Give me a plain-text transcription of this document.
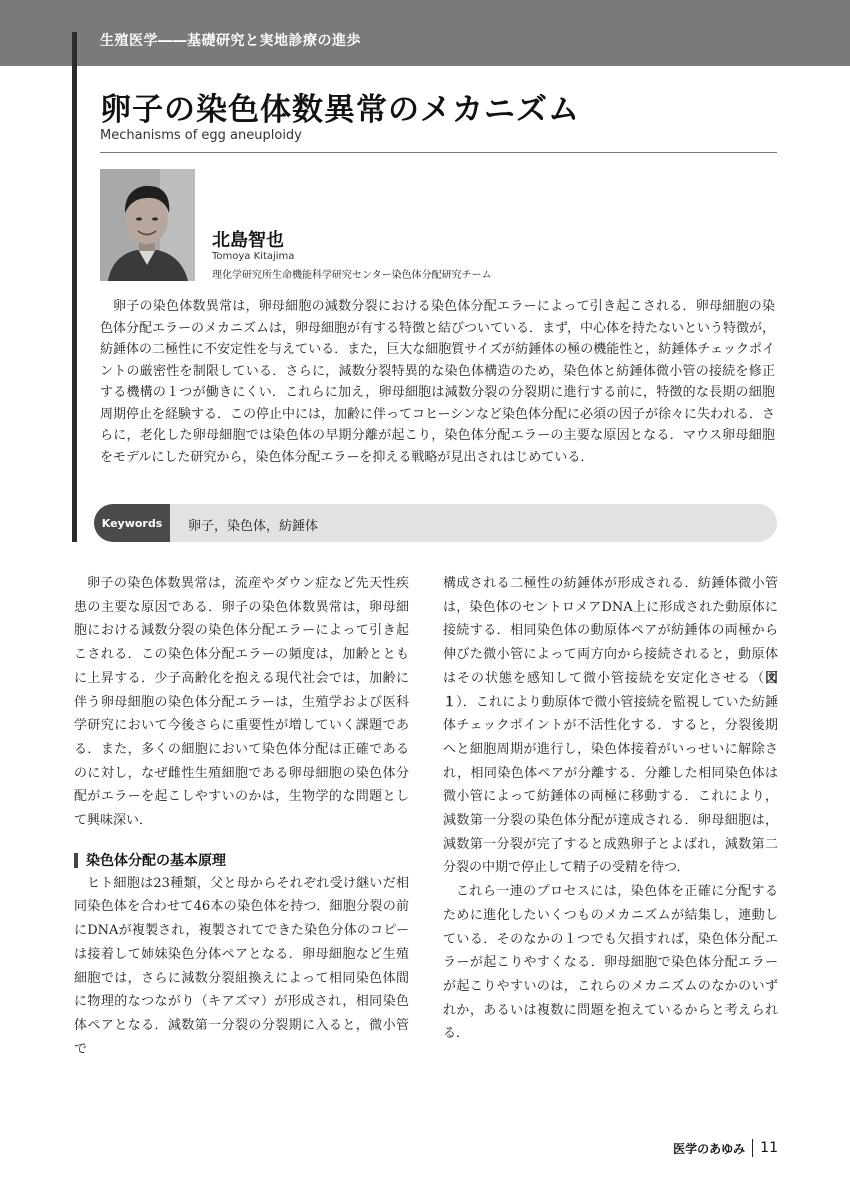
生殖医学――基礎研究と実地診療の進歩
卵子の染色体数異常のメカニズム
Mechanisms of egg aneuploidy
北島智也
Tomoya Kitajima
理化学研究所生命機能科学研究センター染色体分配研究チーム

卵子の染色体数異常は，卵母細胞の減数分裂における染色体分配エラーによって引き起こされる．卵母細胞の染色体分配エラーのメカニズムは，卵母細胞が有する特徴と結びついている．まず，中心体を持たないという特徴が，紡錘体の二極性に不安定性を与えている．また，巨大な細胞質サイズが紡錘体の極の機能性と，紡錘体チェックポイントの厳密性を制限している．さらに，減数分裂特異的な染色体構造のため，染色体と紡錘体微小管の接続を修正する機構の１つが働きにくい．これらに加え，卵母細胞は減数分裂の分裂期に進行する前に，特徴的な長期の細胞周期停止を経験する．この停止中には，加齢に伴ってコヒーシンなど染色体分配に必須の因子が徐々に失われる．さらに，老化した卵母細胞では染色体の早期分離が起こり，染色体分配エラーの主要な原因となる．マウス卵母細胞をモデルにした研究から，染色体分配エラーを抑える戦略が見出されはじめている．

Keywords	卵子，染色体，紡錘体

卵子の染色体数異常は，流産やダウン症など先天性疾患の主要な原因である．卵子の染色体数異常は，卵母細胞における減数分裂の染色体分配エラーによって引き起こされる．この染色体分配エラーの頻度は，加齢とともに上昇する．少子高齢化を抱える現代社会では，加齢に伴う卵母細胞の染色体分配エラーは，生殖学および医科学研究において今後さらに重要性が増していく課題である．また，多くの細胞において染色体分配は正確であるのに対し，なぜ雌性生殖細胞である卵母細胞の染色体分配がエラーを起こしやすいのかは，生物学的な問題として興味深い．

染色体分配の基本原理

ヒト細胞は23種類，父と母からそれぞれ受け継いだ相同染色体を合わせて46本の染色体を持つ．細胞分裂の前にDNAが複製され，複製されてできた染色分体のコピーは接着して姉妹染色分体ペアとなる．卵母細胞など生殖細胞では，さらに減数分裂組換えによって相同染色体間に物理的なつながり（キアズマ）が形成され，相同染色体ペアとなる．減数第一分裂の分裂期に入ると，微小管で

構成される二極性の紡錘体が形成される．紡錘体微小管は，染色体のセントロメアDNA上に形成された動原体に接続する．相同染色体の動原体ペアが紡錘体の両極から伸びた微小管によって両方向から接続されると，動原体はその状態を感知して微小管接続を安定化させる（図１）．これにより動原体で微小管接続を監視していた紡錘体チェックポイントが不活性化する．すると，分裂後期へと細胞周期が進行し，染色体接着がいっせいに解除され，相同染色体ペアが分離する．分離した相同染色体は微小管によって紡錘体の両極に移動する．これにより，減数第一分裂の染色体分配が達成される．卵母細胞は，減数第一分裂が完了すると成熟卵子とよばれ，減数第二分裂の中期で停止して精子の受精を待つ．

これら一連のプロセスには，染色体を正確に分配するために進化したいくつものメカニズムが結集し，連動している．そのなかの１つでも欠損すれば，染色体分配エラーが起こりやすくなる．卵母細胞で染色体分配エラーが起こりやすいのは，これらのメカニズムのなかのいずれか，あるいは複数に問題を抱えているからと考えられる．

医学のあゆみ 11
